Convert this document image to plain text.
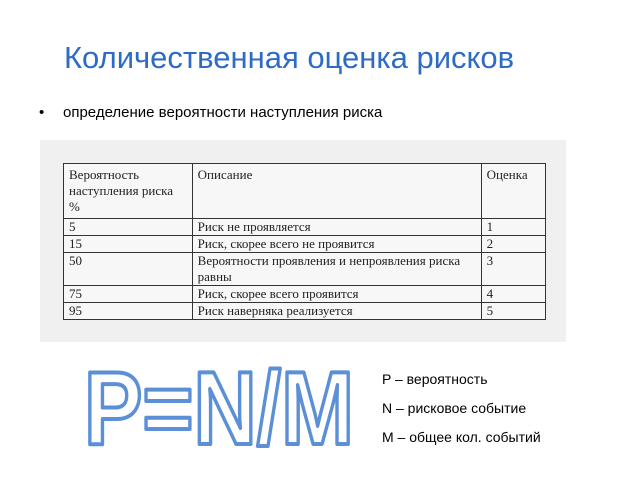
Количественная оценка рисков
• определение вероятности наступления риска
Вероятность наступления риска %	Описание	Оценка
5	Риск не проявляется	1
15	Риск, скорее всего не проявится	2
50	Вероятности проявления и непроявления риска равны	3
75	Риск, скорее всего проявится	4
95	Риск наверняка реализуется	5
P=N/M P – вероятность
N – рисковое событие
M – общее кол. событий
